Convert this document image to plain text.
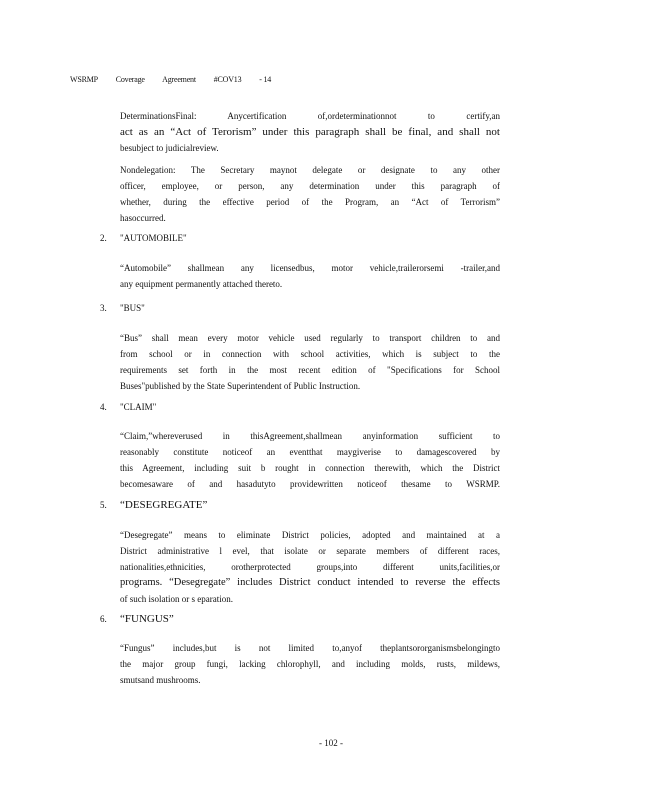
WSRMP Coverage Agreement #COV13 - 14
DeterminationsFinal: Anycertification of,ordeterminationnot to certify,an
act as an “Act of Terorism” under this paragraph shall be final, and shall not
besubject to judicialreview.
Nondelegation: The Secretary maynot delegate or designate to any other
officer, employee, or person, any determination under this paragraph of
whether, during the effective period of the Program, an “Act of Terrorism”
hasoccurred.
2. "AUTOMOBILE"
“Automobile” shallmean any licensedbus, motor vehicle,trailerorsemi -trailer,and
any equipment permanently attached thereto.
3. "BUS"
“Bus” shall mean every motor vehicle used regularly to transport children to and
from school or in connection with school activities, which is subject to the
requirements set forth in the most recent edition of "Specifications for School
Buses"published by the State Superintendent of Public Instruction.
4. "CLAIM"
“Claim,”whereverused in thisAgreement,shallmean anyinformation sufficient to
reasonably constitute noticeof an eventthat maygiverise to damagescovered by
this Agreement, including suit b rought in connection therewith, which the District
becomesaware of and hasadutyto providewritten noticeof thesame to WSRMP.
5. “DESEGREGATE”
“Desegregate” means to eliminate District policies, adopted and maintained at a
District administrative l evel, that isolate or separate members of different races,
nationalities,ethnicities, orotherprotected groups,into different units,facilities,or
programs. “Desegregate” includes District conduct intended to reverse the effects
of such isolation or s eparation.
6. “FUNGUS”
“Fungus” includes,but is not limited to,anyof theplantsororganismsbelongingto
the major group fungi, lacking chlorophyll, and including molds, rusts, mildews,
smutsand mushrooms.
- 102 -
